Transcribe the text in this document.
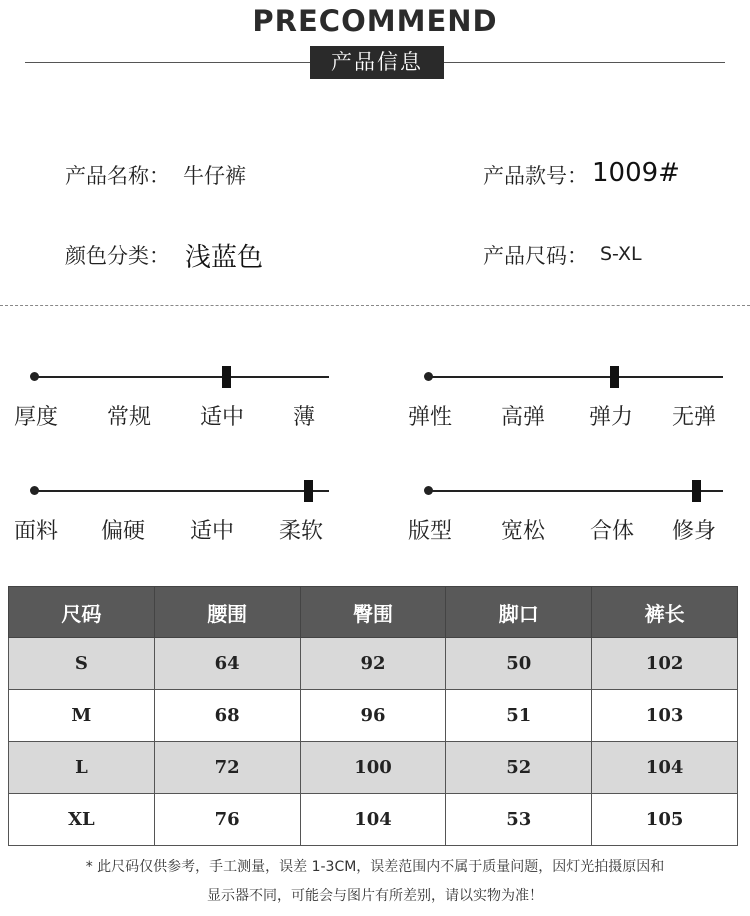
PRECOMMEND
产品信息
产品名称： 牛仔裤	产品款号： 1009#
颜色分类： 浅蓝色	产品尺码： S-XL
厚度 常规 适中 薄	弹性 高弹 弹力 无弹
面料 偏硬 适中 柔软	版型 宽松 合体 修身
尺码	腰围	臀围	脚口	裤长
S	64	92	50	102
M	68	96	51	103
L	72	100	52	104
XL	76	104	53	105
* 此尺码仅供参考，手工测量，误差 1-3CM，误差范围内不属于质量问题，因灯光拍摄原因和
显示器不同，可能会与图片有所差别，请以实物为准！
